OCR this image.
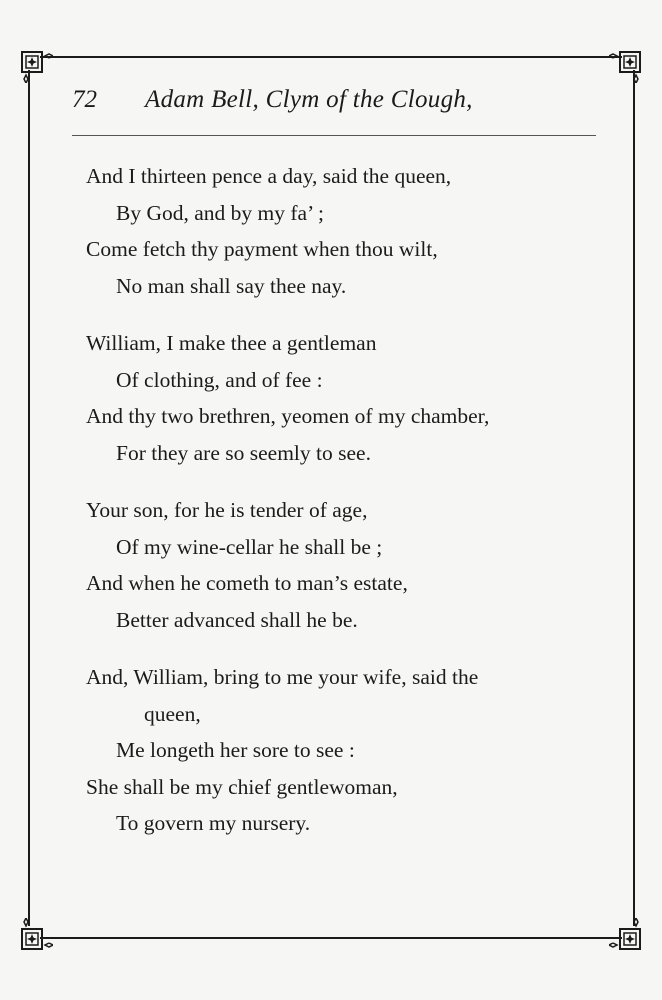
72 Adam Bell, Clym of the Clough,
And I thirteen pence a day, said the queen,
By God, and by my fa’ ;
Come fetch thy payment when thou wilt,
No man shall say thee nay.
William, I make thee a gentleman
Of clothing, and of fee :
And thy two brethren, yeomen of my chamber,
For they are so seemly to see.
Your son, for he is tender of age,
Of my wine-cellar he shall be ;
And when he cometh to man’s estate,
Better advanced shall he be.
And, William, bring to me your wife, said the
queen,
Me longeth her sore to see :
She shall be my chief gentlewoman,
To govern my nursery.
